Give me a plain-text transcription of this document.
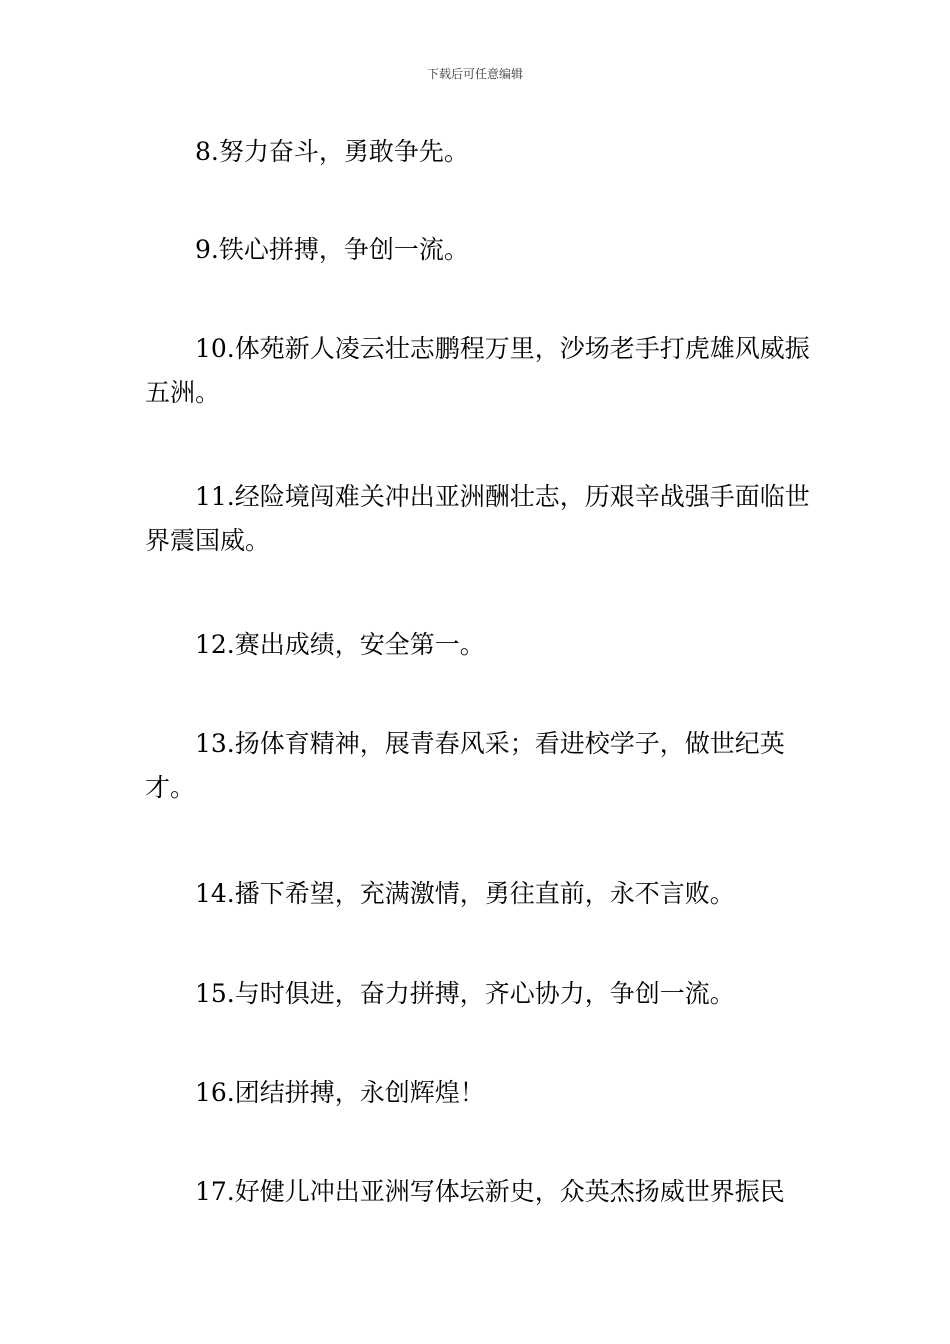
下载后可任意编辑

8.努力奋斗，勇敢争先。

9.铁心拼搏，争创一流。

10.体苑新人凌云壮志鹏程万里，沙场老手打虎雄风威振五洲。

11.经险境闯难关冲出亚洲酬壮志，历艰辛战强手面临世界震国威。

12.赛出成绩，安全第一。

13.扬体育精神，展青春风采；看进校学子，做世纪英才。

14.播下希望，充满激情，勇往直前，永不言败。

15.与时俱进，奋力拼搏，齐心协力，争创一流。

16.团结拼搏，永创辉煌！

17.好健儿冲出亚洲写体坛新史，众英杰扬威世界振民
